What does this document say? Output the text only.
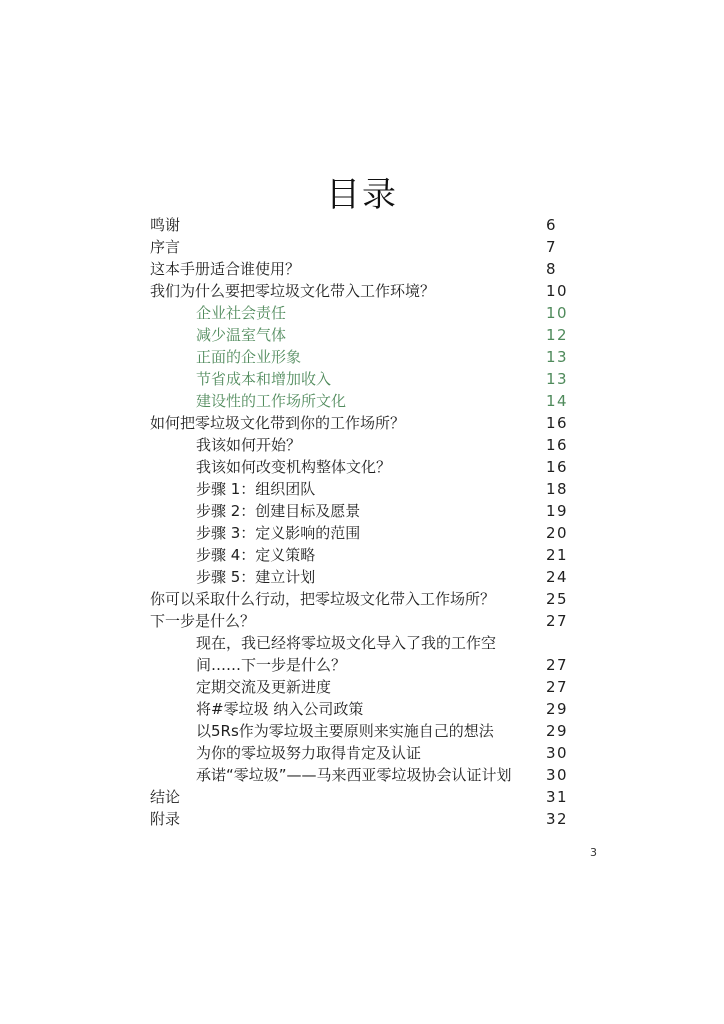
目录
鸣谢	6
序言	7
这本手册适合谁使用？	8
我们为什么要把零垃圾文化带入工作环境？	10
企业社会责任	10
减少温室气体	12
正面的企业形象	13
节省成本和增加收入	13
建设性的工作场所文化	14
如何把零垃圾文化带到你的工作场所？	16
我该如何开始？	16
我该如何改变机构整体文化？	16
步骤 1：组织团队	18
步骤 2：创建目标及愿景	19
步骤 3：定义影响的范围	20
步骤 4：定义策略	21
步骤 5：建立计划	24
你可以采取什么行动，把零垃圾文化带入工作场所？	25
下一步是什么？	27
现在，我已经将零垃圾文化导入了我的工作空
间……下一步是什么？	27
定期交流及更新进度	27
将#零垃圾 纳入公司政策	29
以5Rs作为零垃圾主要原则来实施自己的想法	29
为你的零垃圾努力取得肯定及认证	30
承诺“零垃圾”——马来西亚零垃圾协会认证计划 30
结论	31
附录	32
3
